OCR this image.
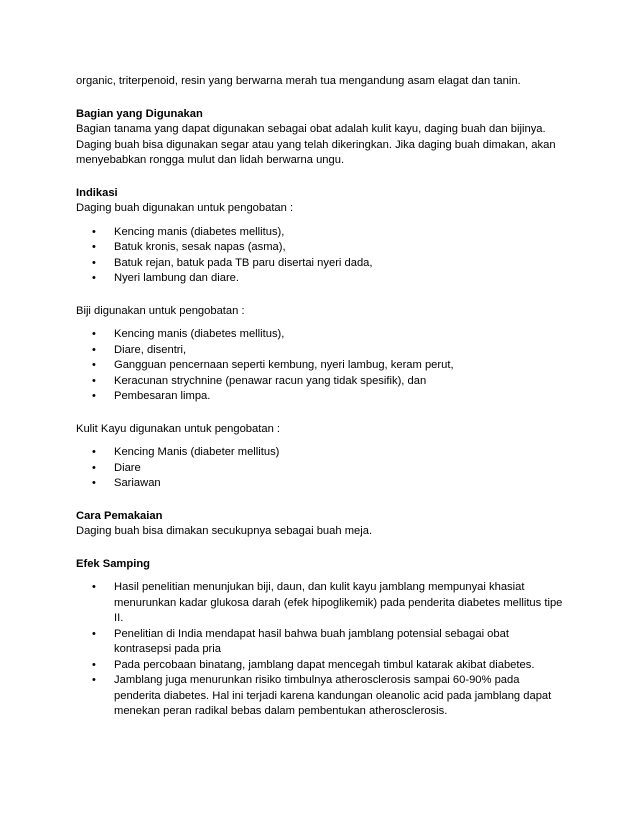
organic, triterpenoid, resin yang berwarna merah tua mengandung asam elagat dan tanin.

Bagian yang Digunakan

Bagian tanama yang dapat digunakan sebagai obat adalah kulit kayu, daging buah dan bijinya. Daging buah bisa digunakan segar atau yang telah dikeringkan. Jika daging buah dimakan, akan menyebabkan rongga mulut dan lidah berwarna ungu.

Indikasi

Daging buah digunakan untuk pengobatan :

• Kencing manis (diabetes mellitus),
• Batuk kronis, sesak napas (asma),
• Batuk rejan, batuk pada TB paru disertai nyeri dada,
• Nyeri lambung dan diare.

Biji digunakan untuk pengobatan :

• Kencing manis (diabetes mellitus),
• Diare, disentri,
• Gangguan pencernaan seperti kembung, nyeri lambug, keram perut,
• Keracunan strychnine (penawar racun yang tidak spesifik), dan
• Pembesaran limpa.

Kulit Kayu digunakan untuk pengobatan :

• Kencing Manis (diabeter mellitus)
• Diare
• Sariawan
Cara Pemakaian

Daging buah bisa dimakan secukupnya sebagai buah meja.

Efek Samping
• Hasil penelitian menunjukan biji, daun, dan kulit kayu jamblang mempunyai khasiat menurunkan kadar glukosa darah (efek hipoglikemik) pada penderita diabetes mellitus tipe II.
• Penelitian di India mendapat hasil bahwa buah jamblang potensial sebagai obat kontrasepsi pada pria
• Pada percobaan binatang, jamblang dapat mencegah timbul katarak akibat diabetes.
• Jamblang juga menurunkan risiko timbulnya atherosclerosis sampai 60-90% pada penderita diabetes. Hal ini terjadi karena kandungan oleanolic acid pada jamblang dapat menekan peran radikal bebas dalam pembentukan atherosclerosis.
